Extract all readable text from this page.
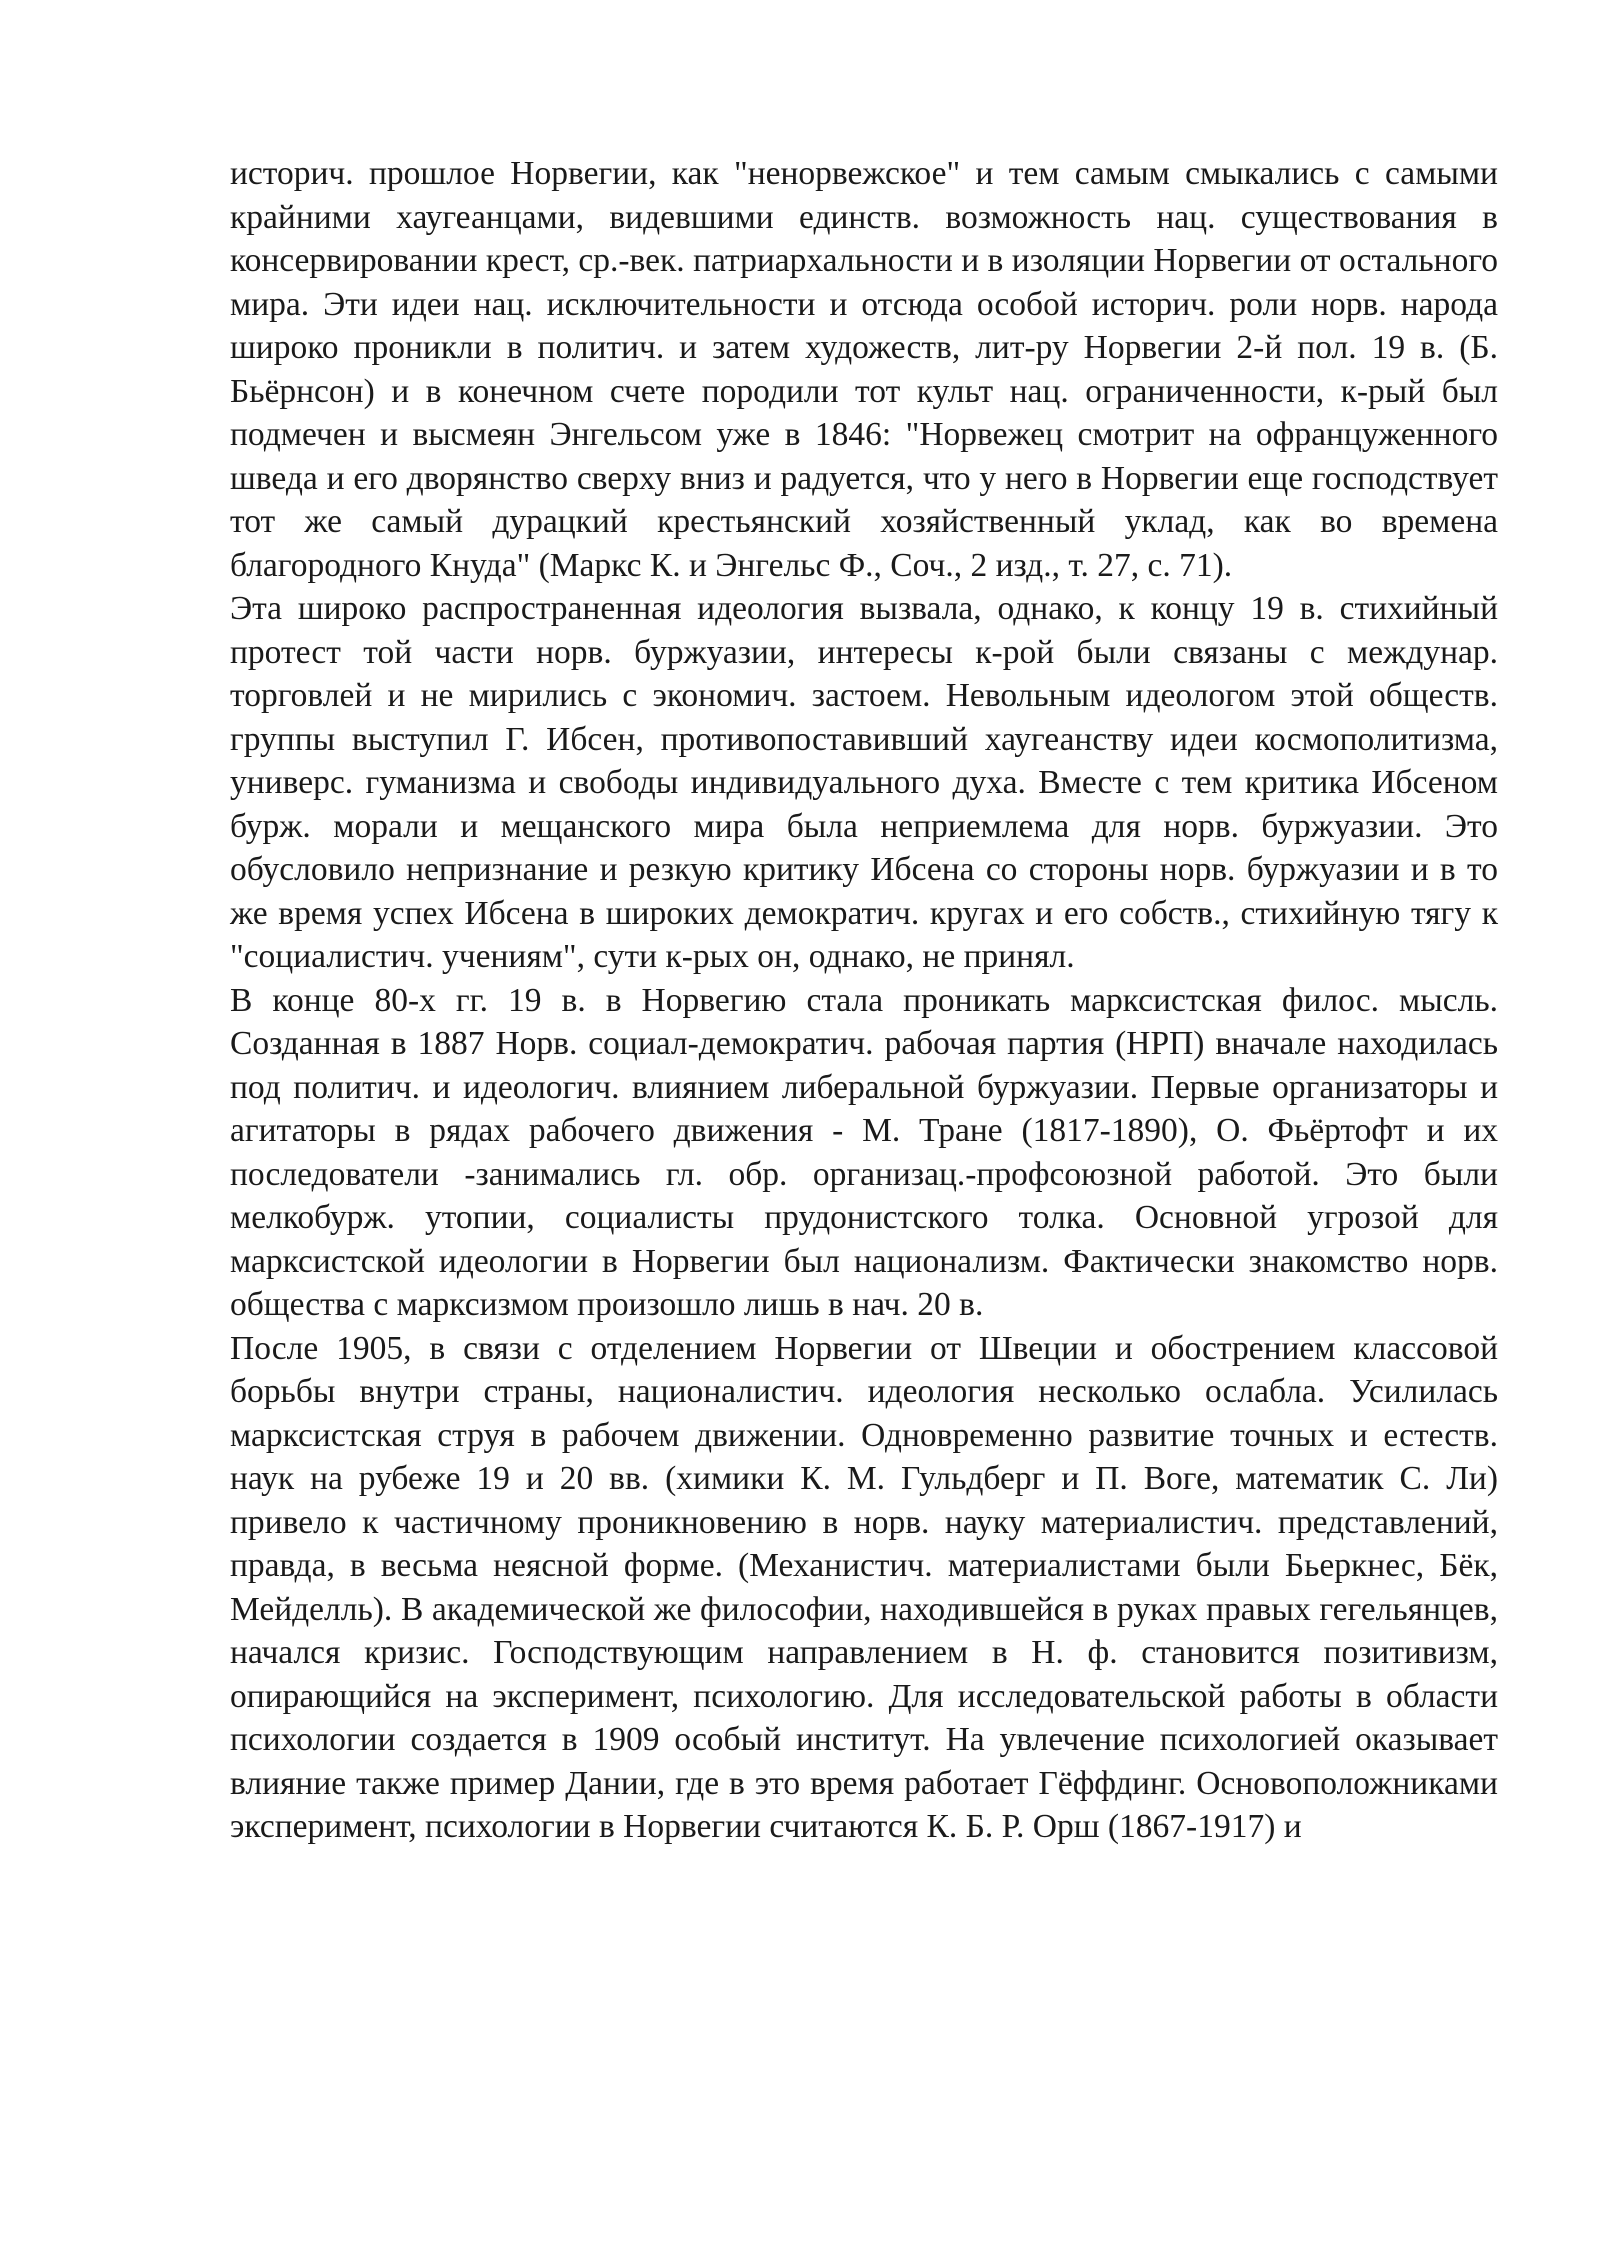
историч. прошлое Норвегии, как "ненорвежское" и тем самым смыкались с самыми крайними хаугеанцами, видевшими единств. возможность нац. существования в консервировании крест, ср.-век. патриархальности и в изоляции Норвегии от остального мира. Эти идеи нац. исключительности и отсюда особой историч. роли норв. народа широко проникли в политич. и затем художеств, лит-ру Норвегии 2-й пол. 19 в. (Б. Бьёрнсон) и в конечном счете породили тот культ нац. ограниченности, к-рый был подмечен и высмеян Энгельсом уже в 1846: "Норвежец смотрит на офранцуженного шведа и его дворянство сверху вниз и радуется, что у него в Норвегии еще господствует тот же самый дурацкий крестьянский хозяйственный уклад, как во времена благородного Кнуда" (Маркс К. и Энгельс Ф., Соч., 2 изд., т. 27, с. 71).

Эта широко распространенная идеология вызвала, однако, к концу 19 в. стихийный протест той части норв. буржуазии, интересы к-рой были связаны с междунар. торговлей и не мирились с экономич. застоем. Невольным идеологом этой обществ. группы выступил Г. Ибсен, противопоставивший хаугеанству идеи космополитизма, универс. гуманизма и свободы индивидуального духа. Вместе с тем критика Ибсеном бурж. морали и мещанского мира была неприемлема для норв. буржуазии. Это обусловило непризнание и резкую критику Ибсена со стороны норв. буржуазии и в то же время успех Ибсена в широких демократич. кругах и его собств., стихийную тягу к "социалистич. учениям", сути к-рых он, однако, не принял.

В конце 80-х гг. 19 в. в Норвегию стала проникать марксистская филос. мысль. Созданная в 1887 Норв. социал-демократич. рабочая партия (НРП) вначале находилась под политич. и идеологич. влиянием либеральной буржуазии. Первые организаторы и агитаторы в рядах рабочего движения - М. Тране (1817-1890), О. Фьёртофт и их последователи -занимались гл. обр. организац.-профсоюзной работой. Это были мелкобурж. утопии, социалисты прудонистского толка. Основной угрозой для марксистской идеологии в Норвегии был национализм. Фактически знакомство норв. общества с марксизмом произошло лишь в нач. 20 в.

После 1905, в связи с отделением Норвегии от Швеции и обострением классовой борьбы внутри страны, националистич. идеология несколько ослабла. Усилилась марксистская струя в рабочем движении. Одновременно развитие точных и естеств. наук на рубеже 19 и 20 вв. (химики К. М. Гульдберг и П. Воге, математик С. Ли) привело к частичному проникновению в норв. науку материалистич. представлений, правда, в весьма неясной форме. (Механистич. материалистами были Бьеркнес, Бёк, Мейделль). В академической же философии, находившейся в руках правых гегельянцев, начался кризис. Господствующим направлением в Н. ф. становится позитивизм, опирающийся на эксперимент, психологию. Для исследовательской работы в области психологии создается в 1909 особый институт. На увлечение психологией оказывает влияние также пример Дании, где в это время работает Гёффдинг. Основоположниками эксперимент, психологии в Норвегии считаются К. Б. Р. Орш (1867-1917) и
